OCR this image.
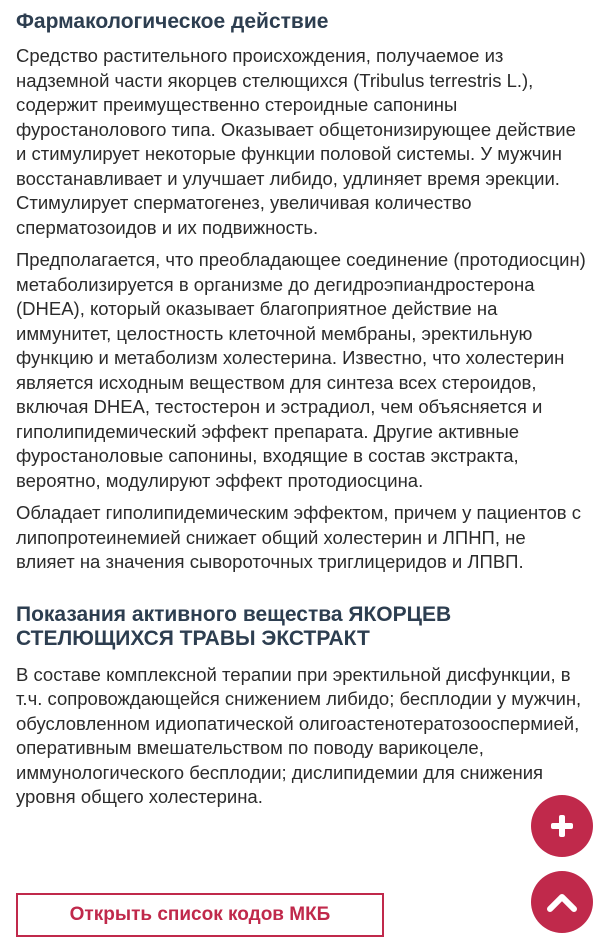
Фармакологическое действие

Средство растительного происхождения, получаемое из надземной части якорцев стелющихся (Tribulus terrestris L.), содержит преимущественно стероидные сапонины фуростанолового типа. Оказывает общетонизирующее действие и стимулирует некоторые функции половой системы. У мужчин восстанавливает и улучшает либидо, удлиняет время эрекции. Стимулирует сперматогенез, увеличивая количество сперматозоидов и их подвижность.

Предполагается, что преобладающее соединение (протодиосцин) метаболизируется в организме до дегидроэпиандростерона (DHEA), который оказывает благоприятное действие на иммунитет, целостность клеточной мембраны, эректильную функцию и метаболизм холестерина. Известно, что холестерин является исходным веществом для синтеза всех стероидов, включая DHEA, тестостерон и эстрадиол, чем объясняется и гиполипидемический эффект препарата. Другие активные фуростаноловые сапонины, входящие в состав экстракта, вероятно, модулируют эффект протодиосцина.

Обладает гиполипидемическим эффектом, причем у пациентов с липопротеинемией снижает общий холестерин и ЛПНП, не влияет на значения сывороточных триглицеридов и ЛПВП.

Показания активного вещества ЯКОРЦЕВ СТЕЛЮЩИХСЯ ТРАВЫ ЭКСТРАКТ

В составе комплексной терапии при эректильной дисфункции, в т.ч. сопровождающейся снижением либидо; бесплодии у мужчин, обусловленном идиопатической олигоастенотератозооспермией, оперативным вмешательством по поводу варикоцеле, иммунологического бесплодии; дислипидемии для снижения уровня общего холестерина.

Открыть список кодов МКБ
